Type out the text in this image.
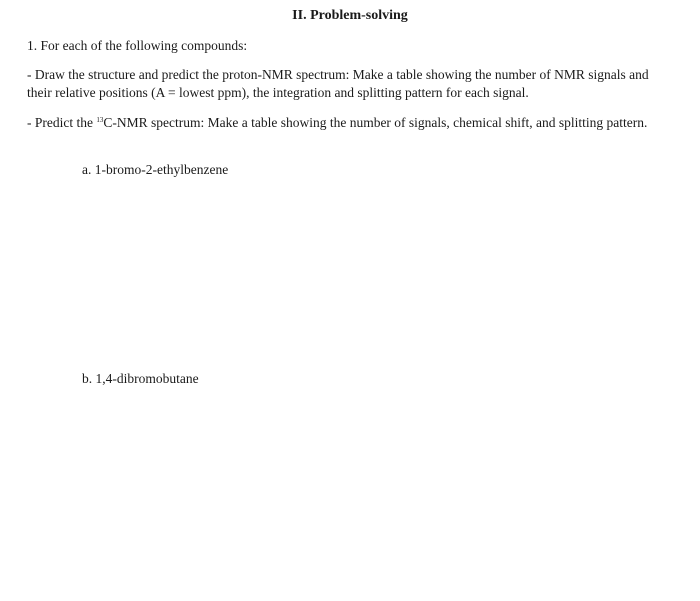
II. Problem-solving
1. For each of the following compounds:
- Draw the structure and predict the proton-NMR spectrum: Make a table showing the number of NMR signals and their relative positions (A = lowest ppm), the integration and splitting pattern for each signal.
- Predict the $^{13}$C-NMR spectrum: Make a table showing the number of signals, chemical shift, and splitting pattern.
a. 1-bromo-2-ethylbenzene
b. 1,4-dibromobutane
